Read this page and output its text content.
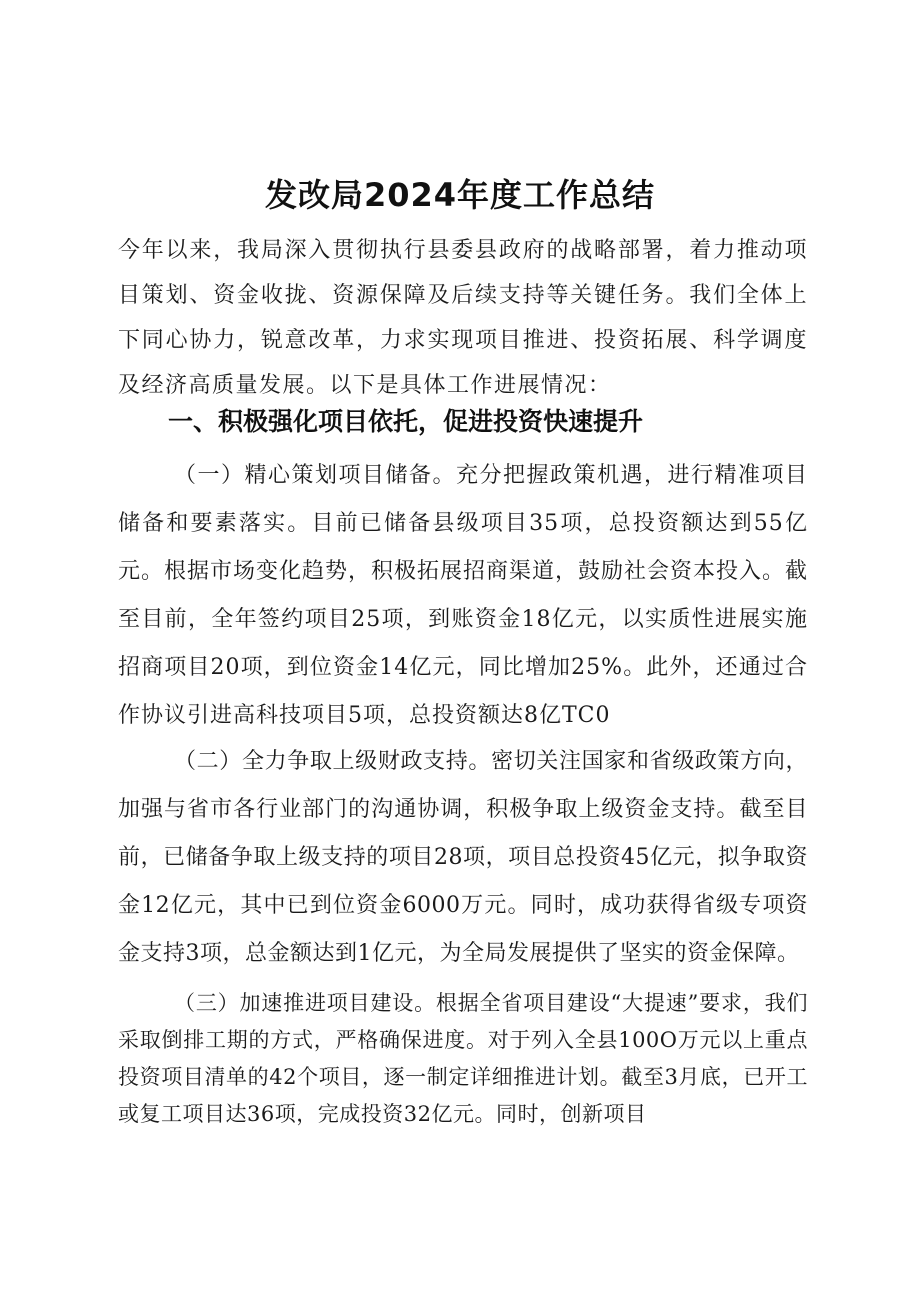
发改局2024年度工作总结

今年以来，我局深入贯彻执行县委县政府的战略部署，着力推动项目策划、资金收拢、资源保障及后续支持等关键任务。我们全体上下同心协力，锐意改革，力求实现项目推进、投资拓展、科学调度及经济高质量发展。以下是具体工作进展情况：

一、积极强化项目依托，促进投资快速提升

（一）精心策划项目储备。充分把握政策机遇，进行精准项目储备和要素落实。目前已储备县级项目35项，总投资额达到55亿元。根据市场变化趋势，积极拓展招商渠道，鼓励社会资本投入。截至目前，全年签约项目25项，到账资金18亿元，以实质性进展实施招商项目20项，到位资金14亿元，同比增加25%。此外，还通过合作协议引进高科技项目5项，总投资额达8亿TC0

（二）全力争取上级财政支持。密切关注国家和省级政策方向，加强与省市各行业部门的沟通协调，积极争取上级资金支持。截至目前，已储备争取上级支持的项目28项，项目总投资45亿元，拟争取资金12亿元，其中已到位资金6000万元。同时，成功获得省级专项资金支持3项，总金额达到1亿元，为全局发展提供了坚实的资金保障。

（三）加速推进项目建设。根据全省项目建设“大提速”要求，我们采取倒排工期的方式，严格确保进度。对于列入全县100O万元以上重点投资项目清单的42个项目，逐一制定详细推进计划。截至3月底，已开工或复工项目达36项，完成投资32亿元。同时，创新项目
